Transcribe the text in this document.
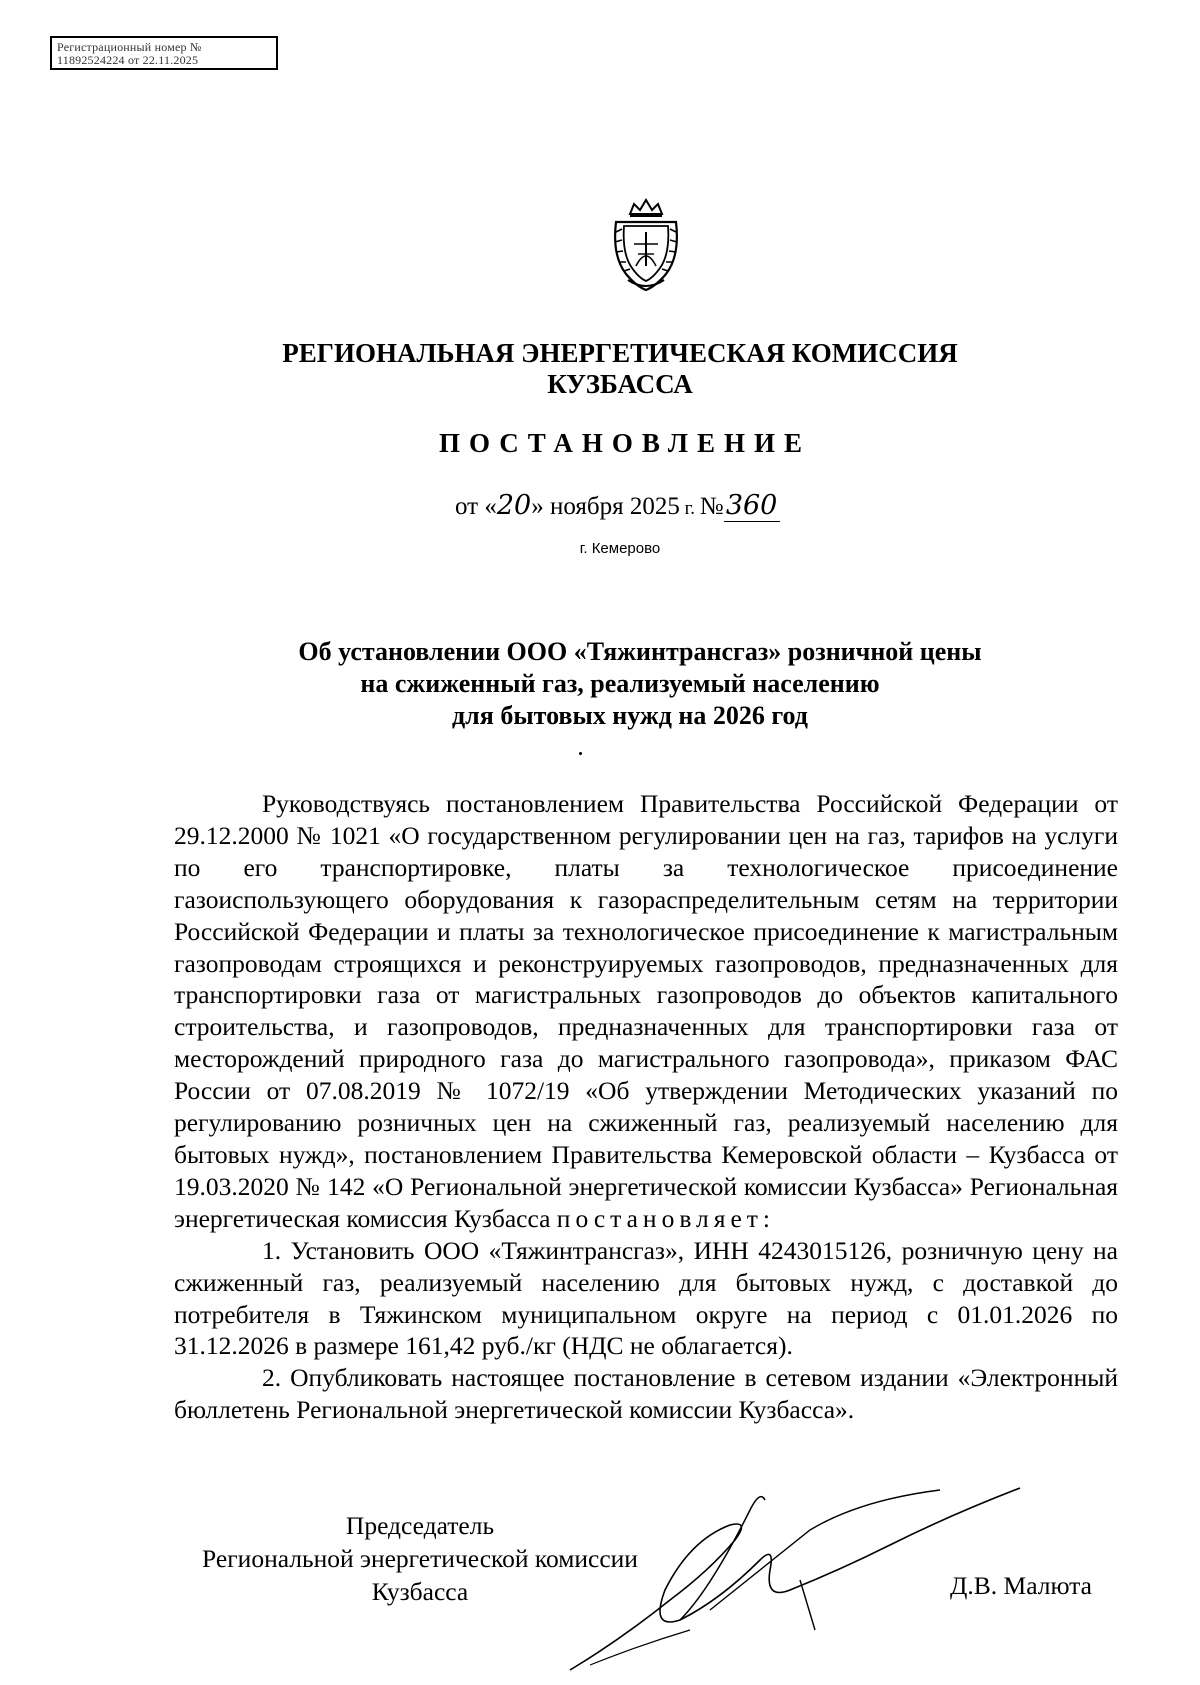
Регистрационный номер №
11892524224 от 22.11.2025
РЕГИОНАЛЬНАЯ ЭНЕРГЕТИЧЕСКАЯ КОМИССИЯ
КУЗБАССА
ПОСТАНОВЛЕНИЕ
от «20» ноября 2025 г. №360
г. Кемерово
Об установлении ООО «Тяжинтрансгаз» розничной цены
на сжиженный газ, реализуемый населению
для бытовых нужд на 2026 год

Руководствуясь постановлением Правительства Российской Федерации от 29.12.2000 № 1021 «О государственном регулировании цен на газ, тарифов на услуги по его транспортировке, платы за технологическое присоединение газоиспользующего оборудования к газораспределительным сетям на территории Российской Федерации и платы за технологическое присоединение к магистральным газопроводам строящихся и реконструируемых газопроводов, предназначенных для транспортировки газа от магистральных газопроводов до объектов капитального строительства, и газопроводов, предназначенных для транспортировки газа от месторождений природного газа до магистрального газопровода», приказом ФАС России от 07.08.2019 № 1072/19 «Об утверждении Методических указаний по регулированию розничных цен на сжиженный газ, реализуемый населению для бытовых нужд», постановлением Правительства Кемеровской области – Кузбасса от 19.03.2020 № 142 «О Региональной энергетической комиссии Кузбасса» Региональная энергетическая комиссия Кузбасса постановляет:

1. Установить ООО «Тяжинтрансгаз», ИНН 4243015126, розничную цену на сжиженный газ, реализуемый населению для бытовых нужд, с доставкой до потребителя в Тяжинском муниципальном округе на период с 01.01.2026 по 31.12.2026 в размере 161,42 руб./кг (НДС не облагается).

2. Опубликовать настоящее постановление в сетевом издании «Электронный бюллетень Региональной энергетической комиссии Кузбасса».

Председатель
Региональной энергетической комиссии
Кузбасса	Д.В. Малюта
